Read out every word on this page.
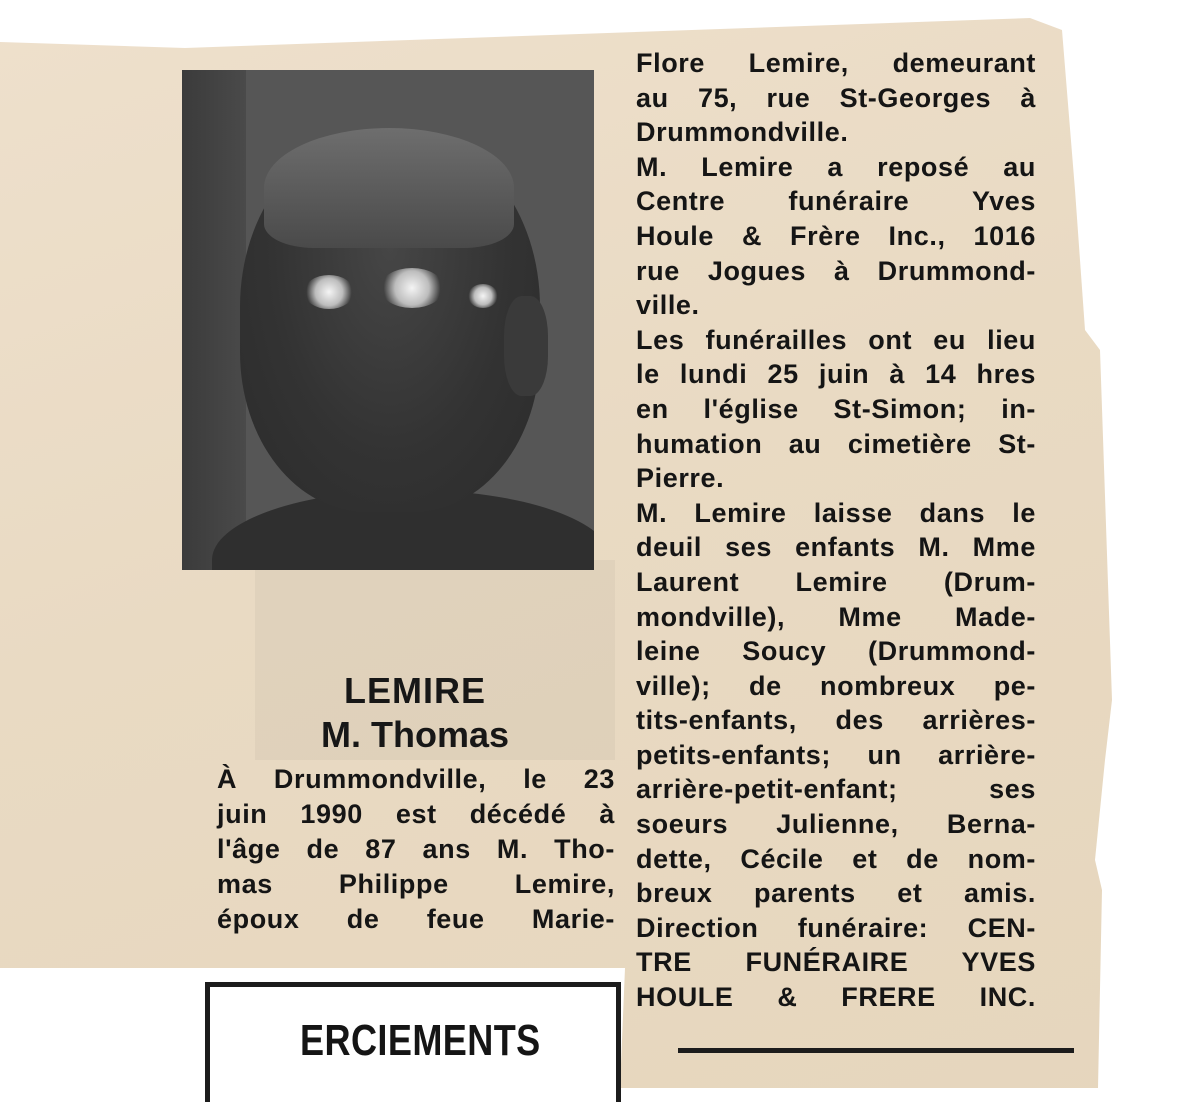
LEMIRE
M. Thomas
À Drummondville, le 23
juin 1990 est décédé à
l'âge de 87 ans M. Tho-
mas Philippe Lemire,
époux de feue Marie-
Flore Lemire, demeurant
au 75, rue St-Georges à
Drummondville.
M. Lemire a reposé au
Centre funéraire Yves
Houle & Frère Inc., 1016
rue Jogues à Drummond-
ville.
Les funérailles ont eu lieu
le lundi 25 juin à 14 hres
en l'église St-Simon; in-
humation au cimetière St-
Pierre.
M. Lemire laisse dans le
deuil ses enfants M. Mme
Laurent Lemire (Drum-
mondville), Mme Made-
leine Soucy (Drummond-
ville); de nombreux pe-
tits-enfants, des arrières-
petits-enfants; un arrière-
arrière-petit-enfant; ses
soeurs Julienne, Berna-
dette, Cécile et de nom-
breux parents et amis.
Direction funéraire: CEN-
TRE FUNÉRAIRE YVES
HOULE & FRERE INC.
ERCIEMENTS
